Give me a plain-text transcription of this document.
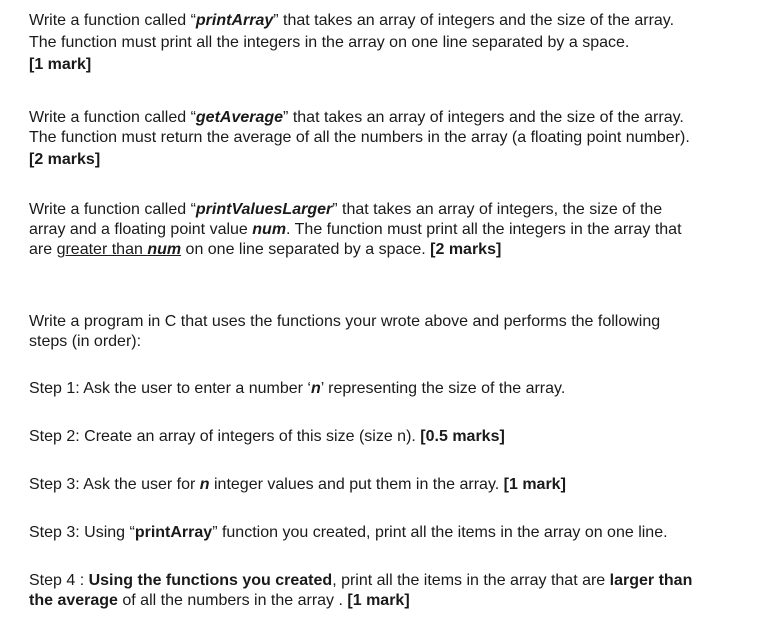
Write a function called “printArray” that takes an array of integers and the size of the array.
The function must print all the integers in the array on one line separated by a space.
[1 mark]
Write a function called “getAverage” that takes an array of integers and the size of the array.
The function must return the average of all the numbers in the array (a floating point number).
[2 marks]
Write a function called “printValuesLarger” that takes an array of integers, the size of the
array and a floating point value num. The function must print all the integers in the array that
are greater than num on one line separated by a space. [2 marks]
Write a program in C that uses the functions your wrote above and performs the following
steps (in order):
Step 1: Ask the user to enter a number ‘n’ representing the size of the array.
Step 2: Create an array of integers of this size (size n). [0.5 marks]
Step 3: Ask the user for n integer values and put them in the array. [1 mark]
Step 3: Using “printArray” function you created, print all the items in the array on one line.
Step 4 : Using the functions you created, print all the items in the array that are larger than
the average of all the numbers in the array . [1 mark]
